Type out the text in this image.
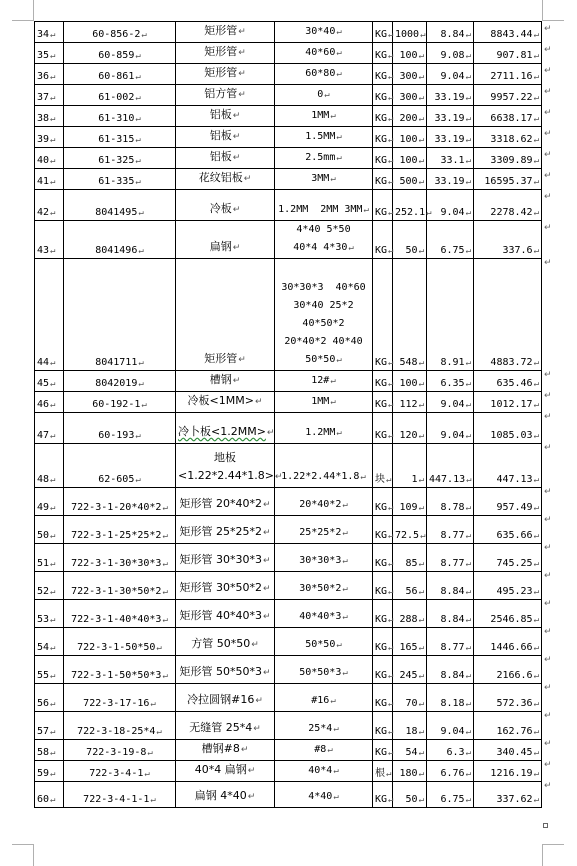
34↵	60-856-2↵	矩形管↵	30*40↵	KG↵	1000↵	8.84↵	8843.44↵
35↵	60-859↵	矩形管↵	40*60↵	KG↵	100↵	9.08↵	907.81↵
36↵	60-861↵	矩形管↵	60*80↵	KG↵	300↵	9.04↵	2711.16↵
37↵	61-002↵	铝方管↵	0↵	KG↵	300↵	33.19↵	9957.22↵
38↵	61-310↵	铝板↵	1MM↵	KG↵	200↵	33.19↵	6638.17↵
39↵	61-315↵	铝板↵	1.5MM↵	KG↵	100↵	33.19↵	3318.62↵
40↵	61-325↵	铝板↵	2.5mm↵	KG↵	100↵	33.1↵	3309.89↵
41↵	61-335↵	花纹铝板↵	3MM↵	KG↵	500↵	33.19↵	16595.37↵
42↵	8041495↵	冷板↵	1.2MM  2MM 3MM↵	KG↵	252.1↵	9.04↵	2278.42↵
43↵	8041496↵	扁钢↵	4*40 5*50
40*4 4*30↵	KG↵	50↵	6.75↵	337.6↵
44↵	8041711↵	矩形管↵	30*30*3  40*60
30*40 25*2
40*50*2
20*40*2 40*40
50*50↵	KG↵	548↵	8.91↵	4883.72↵
45↵	8042019↵	槽钢↵	12#↵	KG↵	100↵	6.35↵	635.46↵
46↵	60-192-1↵	冷板<1MM>↵	1MM↵	KG↵	112↵	9.04↵	1012.17↵
47↵	60-193↵	冷卜板<1.2MM>↵	1.2MM↵	KG↵	120↵	9.04↵	1085.03↵
48↵	62-605↵	地板
<1.22*2.44*1.8>↵	1.22*2.44*1.8↵	块↵	1↵	447.13↵	447.13↵
49↵	722-3-1-20*40*2↵	矩形管 20*40*2↵	20*40*2↵	KG↵	109↵	8.78↵	957.49↵
50↵	722-3-1-25*25*2↵	矩形管 25*25*2↵	25*25*2↵	KG↵	72.5↵	8.77↵	635.66↵
51↵	722-3-1-30*30*3↵	矩形管 30*30*3↵	30*30*3↵	KG↵	85↵	8.77↵	745.25↵
52↵	722-3-1-30*50*2↵	矩形管 30*50*2↵	30*50*2↵	KG↵	56↵	8.84↵	495.23↵
53↵	722-3-1-40*40*3↵	矩形管 40*40*3↵	40*40*3↵	KG↵	288↵	8.84↵	2546.85↵
54↵	722-3-1-50*50↵	方管 50*50↵	50*50↵	KG↵	165↵	8.77↵	1446.66↵
55↵	722-3-1-50*50*3↵	矩形管 50*50*3↵	50*50*3↵	KG↵	245↵	8.84↵	2166.6↵
56↵	722-3-17-16↵	冷拉圆钢#16↵	#16↵	KG↵	70↵	8.18↵	572.36↵
57↵	722-3-18-25*4↵	无缝管 25*4↵	25*4↵	KG↵	18↵	9.04↵	162.76↵
58↵	722-3-19-8↵	槽钢#8↵	#8↵	KG↵	54↵	6.3↵	340.45↵
59↵	722-3-4-1↵	40*4 扁钢↵	40*4↵	根↵	180↵	6.76↵	1216.19↵
60↵	722-3-4-1-1↵	扁钢 4*40↵	4*40↵	KG↵	50↵	6.75↵	337.62↵
↵
↵
↵
↵
↵
↵
↵
↵
↵
↵
↵
↵
↵
↵
↵
↵
↵
↵
↵
↵
↵
↵
↵
↵
↵
↵
↵
